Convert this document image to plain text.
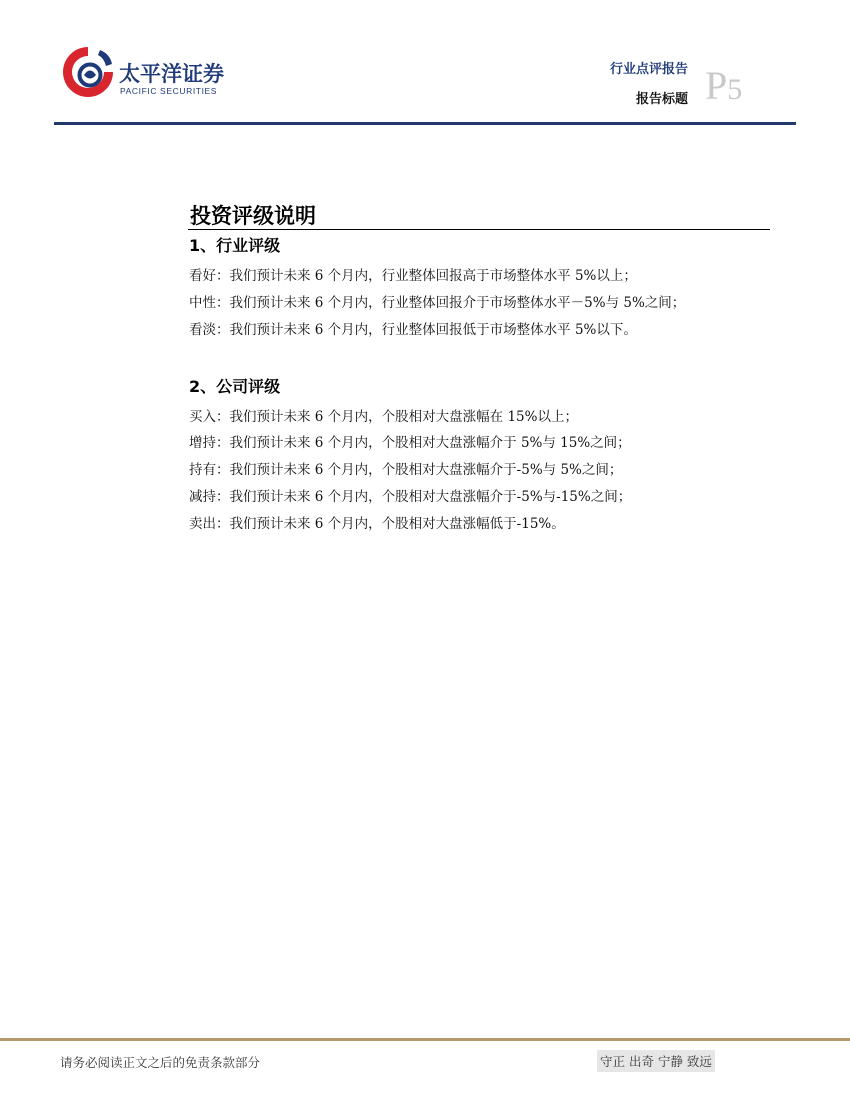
太平洋证券
PACIFIC SECURITIES
行业点评报告
报告标题 P5
投资评级说明
1、行业评级
看好：我们预计未来 6 个月内，行业整体回报高于市场整体水平 5%以上；
中性：我们预计未来 6 个月内，行业整体回报介于市场整体水平－5%与 5%之间；
看淡：我们预计未来 6 个月内，行业整体回报低于市场整体水平 5%以下。
2、公司评级
买入：我们预计未来 6 个月内，个股相对大盘涨幅在 15%以上；
增持：我们预计未来 6 个月内，个股相对大盘涨幅介于 5%与 15%之间；
持有：我们预计未来 6 个月内，个股相对大盘涨幅介于-5%与 5%之间；
减持：我们预计未来 6 个月内，个股相对大盘涨幅介于-5%与-15%之间；
卖出：我们预计未来 6 个月内，个股相对大盘涨幅低于-15%。
请务必阅读正文之后的免责条款部分	守正 出奇 宁静 致远
